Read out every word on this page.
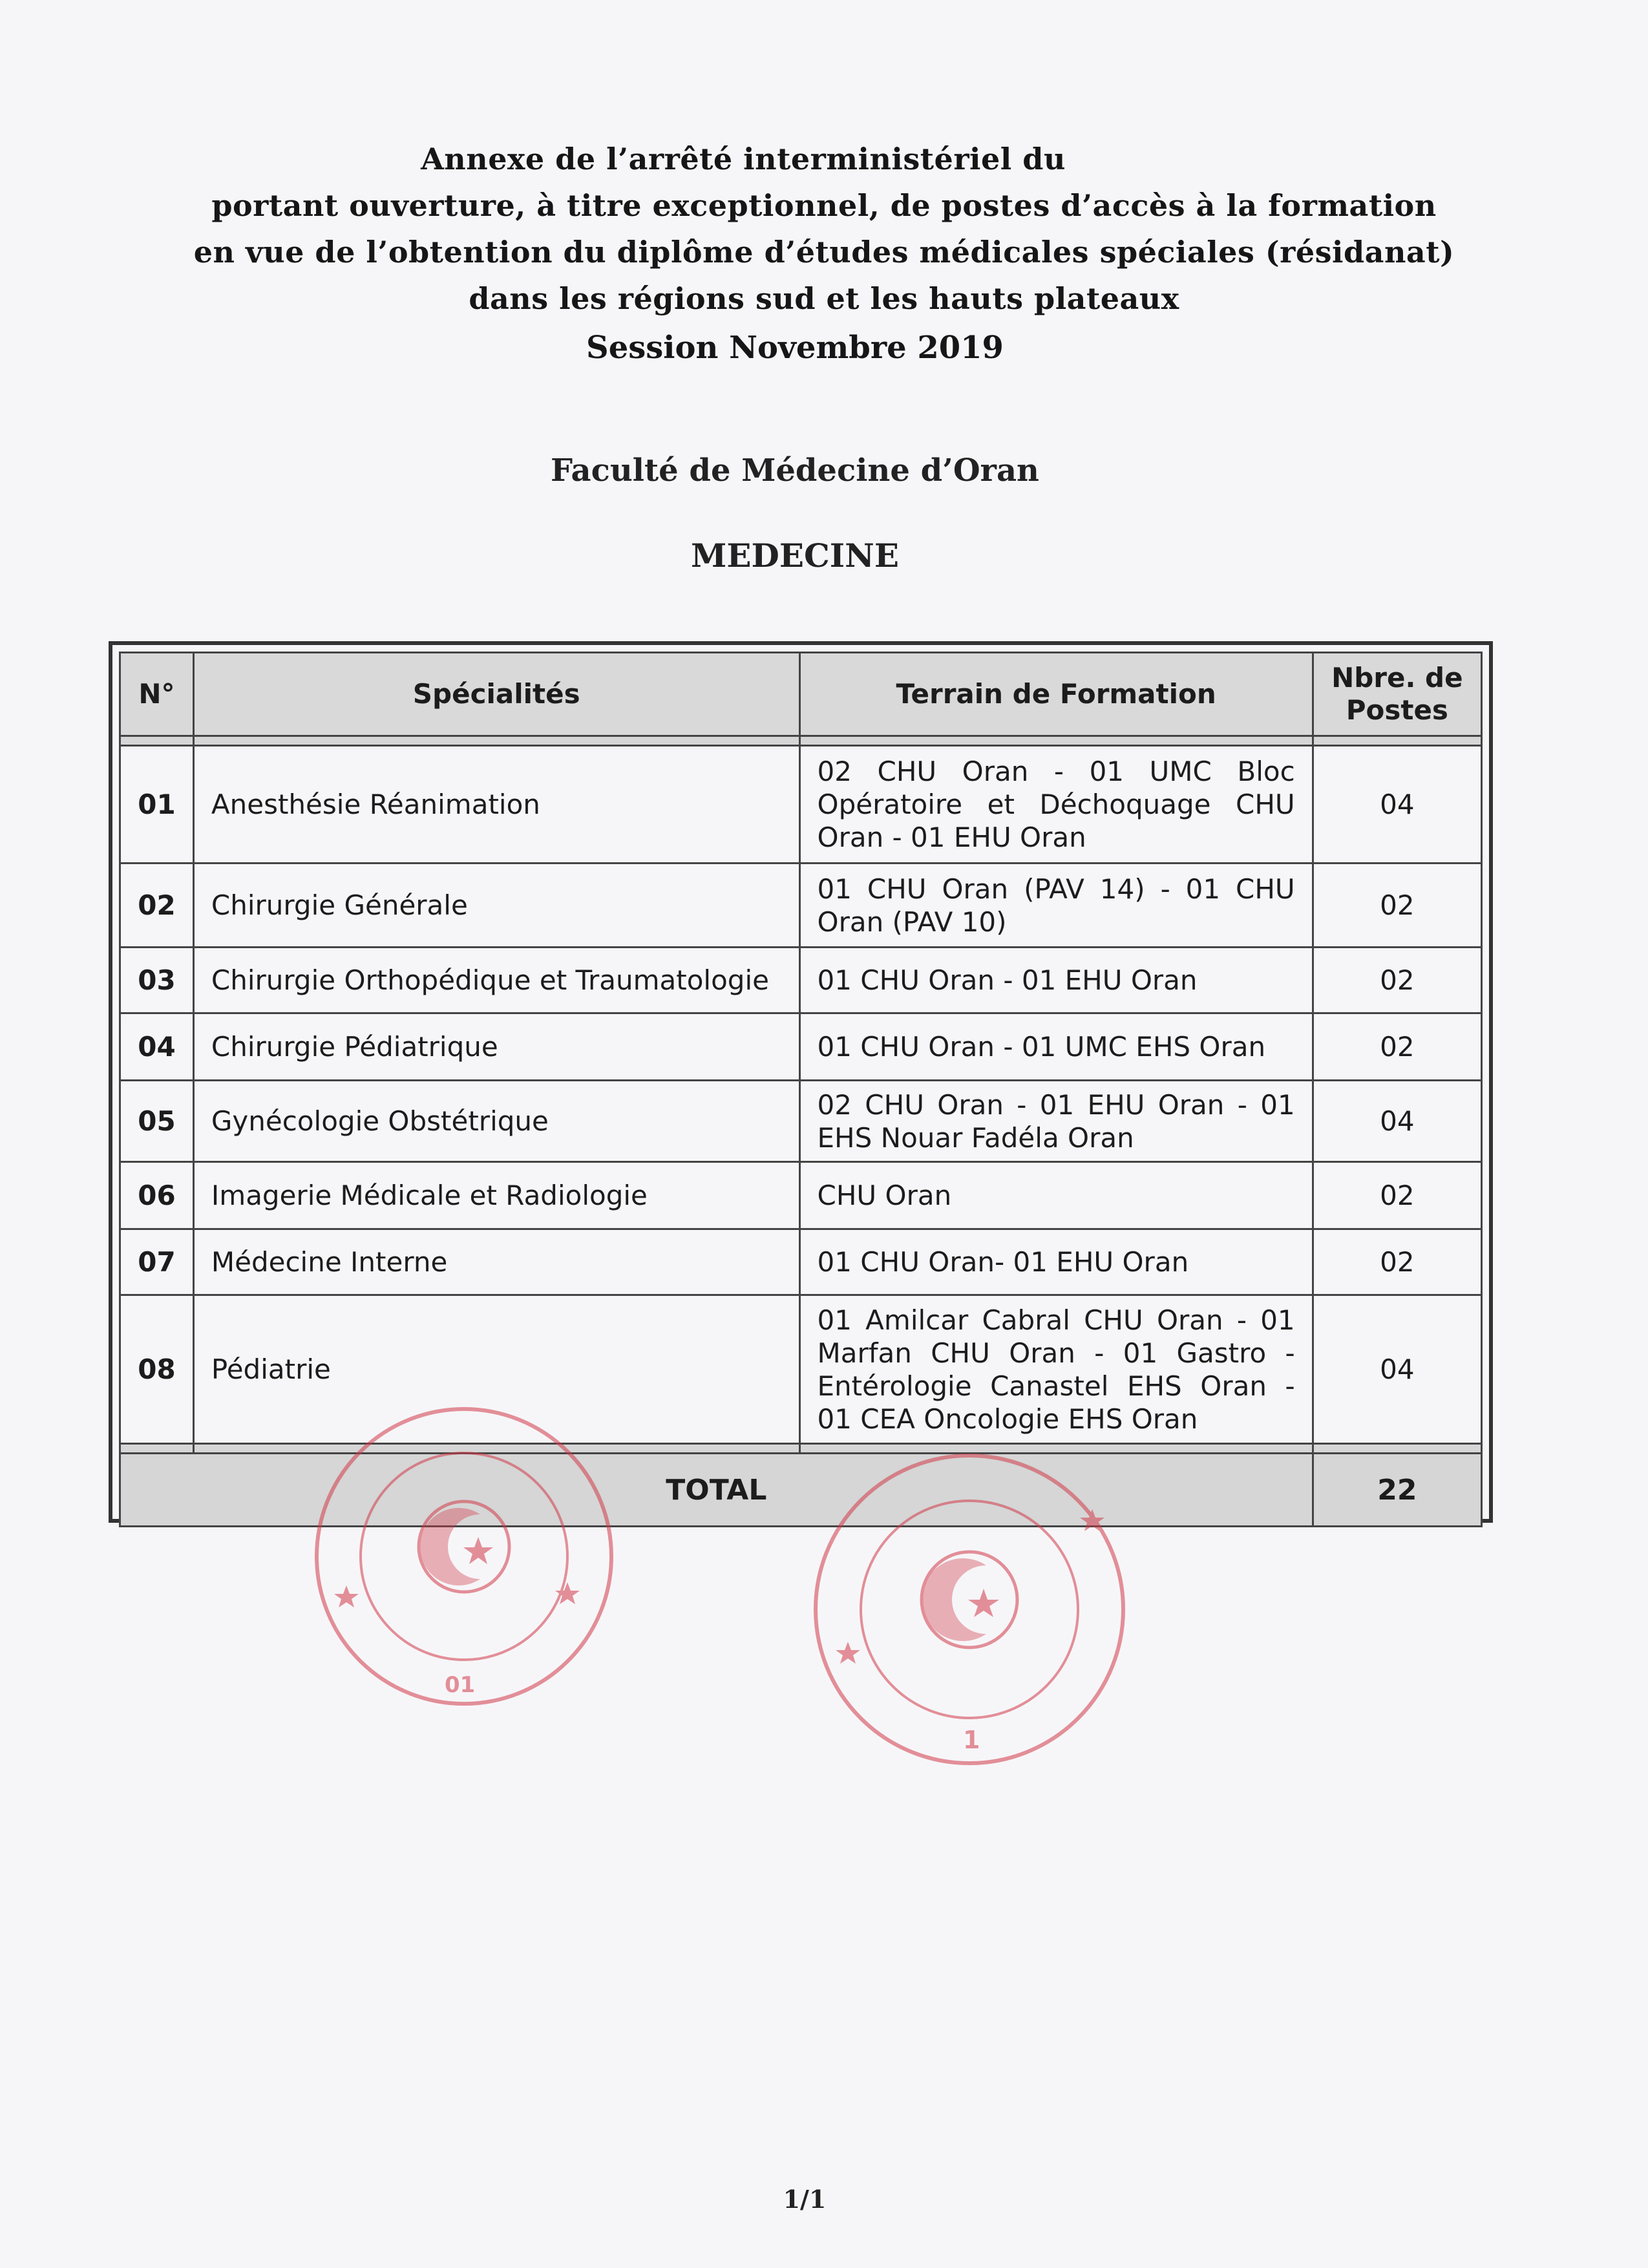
Annexe de l’arrêté interministériel du
portant ouverture, à titre exceptionnel, de postes d’accès à la formation
en vue de l’obtention du diplôme d’études médicales spéciales (résidanat)
dans les régions sud et les hauts plateaux
Session Novembre 2019
Faculté de Médecine d’Oran
MEDECINE
N°	Spécialités	Terrain de Formation	Nbre. de Postes

01	Anesthésie Réanimation	02 CHU Oran - 01 UMC Bloc Opératoire et Déchoquage CHU Oran - 01 EHU Oran	04
02	Chirurgie Générale	01 CHU Oran (PAV 14) - 01 CHU Oran (PAV 10)	02
03	Chirurgie Orthopédique et Traumatologie	01 CHU Oran - 01 EHU Oran	02
04	Chirurgie Pédiatrique	01 CHU Oran - 01 UMC EHS Oran	02
05	Gynécologie Obstétrique	02 CHU Oran - 01 EHU Oran - 01 EHS Nouar Fadéla Oran	04
06	Imagerie Médicale et Radiologie	CHU Oran	02
07	Médecine Interne	01 CHU Oran- 01 EHU Oran	02
08	Pédiatrie	01 Amilcar Cabral CHU Oran - 01 Marfan CHU Oran - 01 Gastro - Entérologie Canastel EHS Oran - 01 CEA Oncologie EHS Oran	04

TOTAL			22
01
1
1/1
